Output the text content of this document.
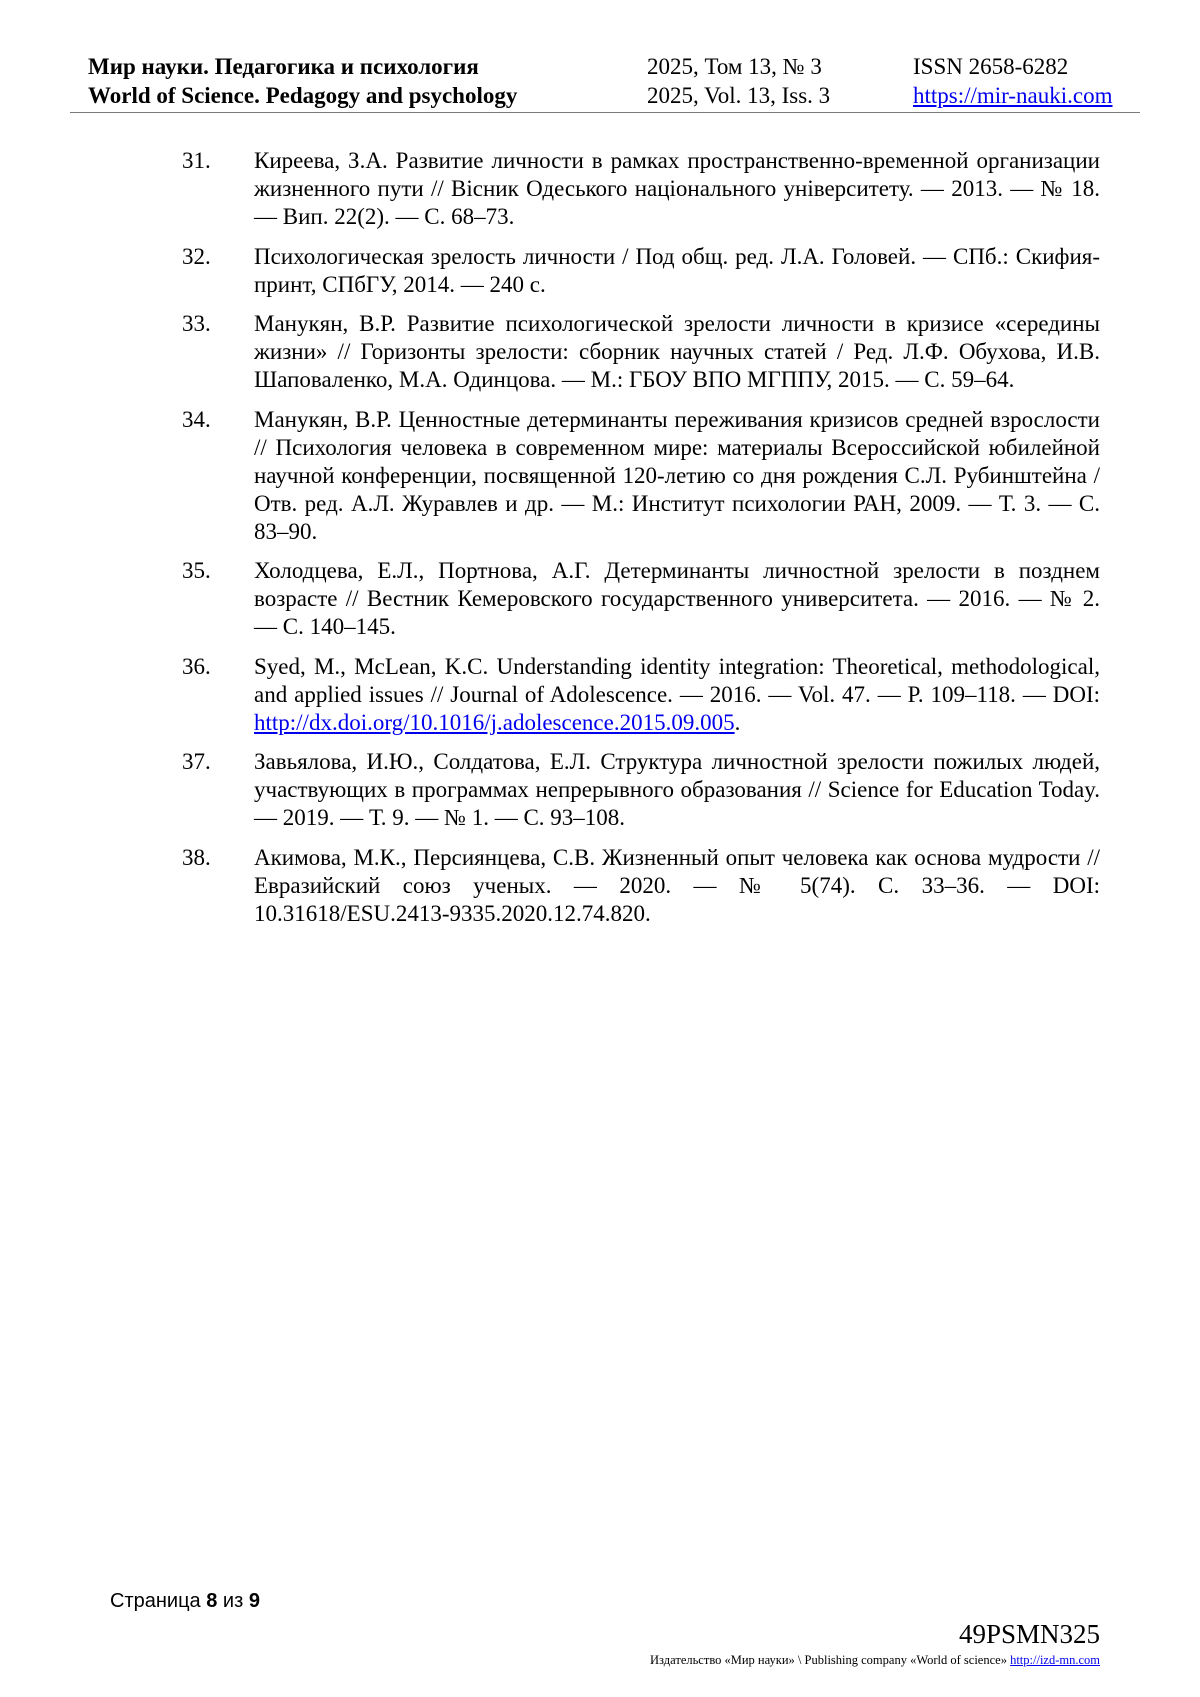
Мир науки. Педагогика и психология
World of Science. Pedagogy and psychology
2025, Том 13, № 3
2025, Vol. 13, Iss. 3
ISSN 2658-6282
https://mir-nauki.com
31.	Киреева, З.А. Развитие личности в рамках пространственно-временной организации жизненного пути // Вісник Одеського національного університету. — 2013. — № 18. — Вип. 22(2). — С. 68–73.
32.	Психологическая зрелость личности / Под общ. ред. Л.А. Головей. — СПб.: Скифия-принт, СПбГУ, 2014. — 240 с.
33.	Манукян, В.Р. Развитие психологической зрелости личности в кризисе «середины жизни» // Горизонты зрелости: сборник научных статей / Ред. Л.Ф. Обухова, И.В. Шаповаленко, М.А. Одинцова. — М.: ГБОУ ВПО МГППУ, 2015. — С. 59–64.
34.	Манукян, В.Р. Ценностные детерминанты переживания кризисов средней взрослости // Психология человека в современном мире: материалы Всероссийской юбилейной научной конференции, посвященной 120-летию со дня рождения С.Л. Рубинштейна / Отв. ред. А.Л. Журавлев и др. — М.: Институт психологии РАН, 2009. — Т. 3. — С. 83–90.
35.	Холодцева, Е.Л., Портнова, А.Г. Детерминанты личностной зрелости в позднем возрасте // Вестник Кемеровского государственного университета. — 2016. — № 2. — С. 140–145.
36.	Syed, M., McLean, K.C. Understanding identity integration: Theoretical, methodological, and applied issues // Journal of Adolescence. — 2016. — Vol. 47. — P. 109–118. — DOI: http://dx.doi.org/10.1016/j.adolescence.2015.09.005.
37.	Завьялова, И.Ю., Солдатова, Е.Л. Структура личностной зрелости пожилых людей, участвующих в программах непрерывного образования // Science for Education Today. — 2019. — Т. 9. — № 1. — С. 93–108.
38.	Акимова, М.К., Персиянцева, С.В. Жизненный опыт человека как основа мудрости // Евразийский союз ученых. — 2020. — № 5(74). С. 33–36. — DOI: 10.31618/ESU.2413-9335.2020.12.74.820.
Страница 8 из 9
49PSMN325
Издательство «Мир науки» \ Publishing company «World of science» http://izd-mn.com
